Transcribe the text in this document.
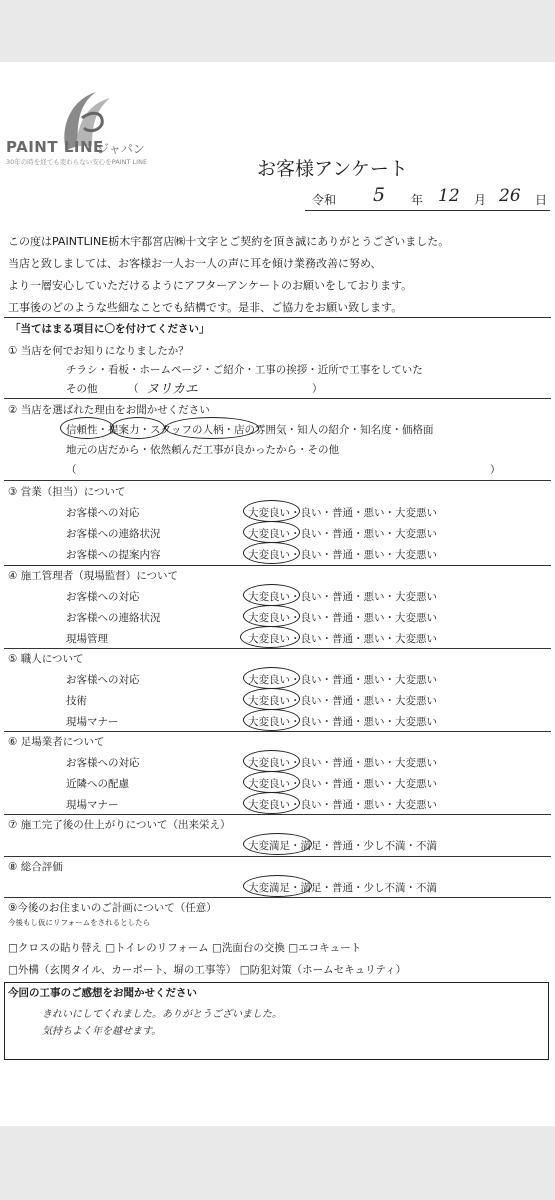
PAINT LINE
ジャパン
30年の時を経ても変わらない安心をPAINT LINE	お客様アンケート
令和 5 年 12 月 26 日
この度はPAINTLINE栃木宇都宮店㈱十文字とご契約を頂き誠にありがとうございました。
当店と致しましては、お客様お一人お一人の声に耳を傾け業務改善に努め、
より一層安心していただけるようにアフターアンケートのお願いをしております。
工事後のどのような些細なことでも結構です。是非、ご協力をお願い致します。
「当てはまる項目に〇を付けてください」
① 当店を何でお知りになりましたか？
チラシ・看板・ホームページ・ご紹介・工事の挨拶・近所で工事をしていた
その他	（ ヌリカエ	）
② 当店を選ばれた理由をお聞かせください
信頼性・提案力・スタッフの人柄・店の雰囲気・知人の紹介・知名度・価格面
地元の店だから・依然頼んだ工事が良かったから・その他
（	）
③ 営業（担当）について
お客様への対応	大変良い・良い・普通・悪い・大変悪い
お客様への連絡状況	大変良い・良い・普通・悪い・大変悪い
お客様への提案内容	大変良い・良い・普通・悪い・大変悪い
④ 施工管理者（現場監督）について
お客様への対応	大変良い・良い・普通・悪い・大変悪い
お客様への連絡状況	大変良い・良い・普通・悪い・大変悪い
現場管理	大変良い・良い・普通・悪い・大変悪い
⑤ 職人について
お客様への対応	大変良い・良い・普通・悪い・大変悪い
技術	大変良い・良い・普通・悪い・大変悪い
現場マナー	大変良い・良い・普通・悪い・大変悪い
⑥ 足場業者について
お客様への対応	大変良い・良い・普通・悪い・大変悪い
近隣への配慮	大変良い・良い・普通・悪い・大変悪い
現場マナー	大変良い・良い・普通・悪い・大変悪い
⑦ 施工完了後の仕上がりについて（出来栄え）
大変満足・満足・普通・少し不満・不満
⑧ 総合評価
大変満足・満足・普通・少し不満・不満
⑨今後のお住まいのご計画について（任意）
今後もし仮にリフォームをされるとしたら
□クロスの貼り替え □トイレのリフォーム □洗面台の交換 □エコキュート
□外構（玄関タイル、カーポート、塀の工事等） □防犯対策（ホームセキュリティ）
今回の工事のご感想をお聞かせください
きれいにしてくれました。ありがとうございました。
気持ちよく年を越せます。
